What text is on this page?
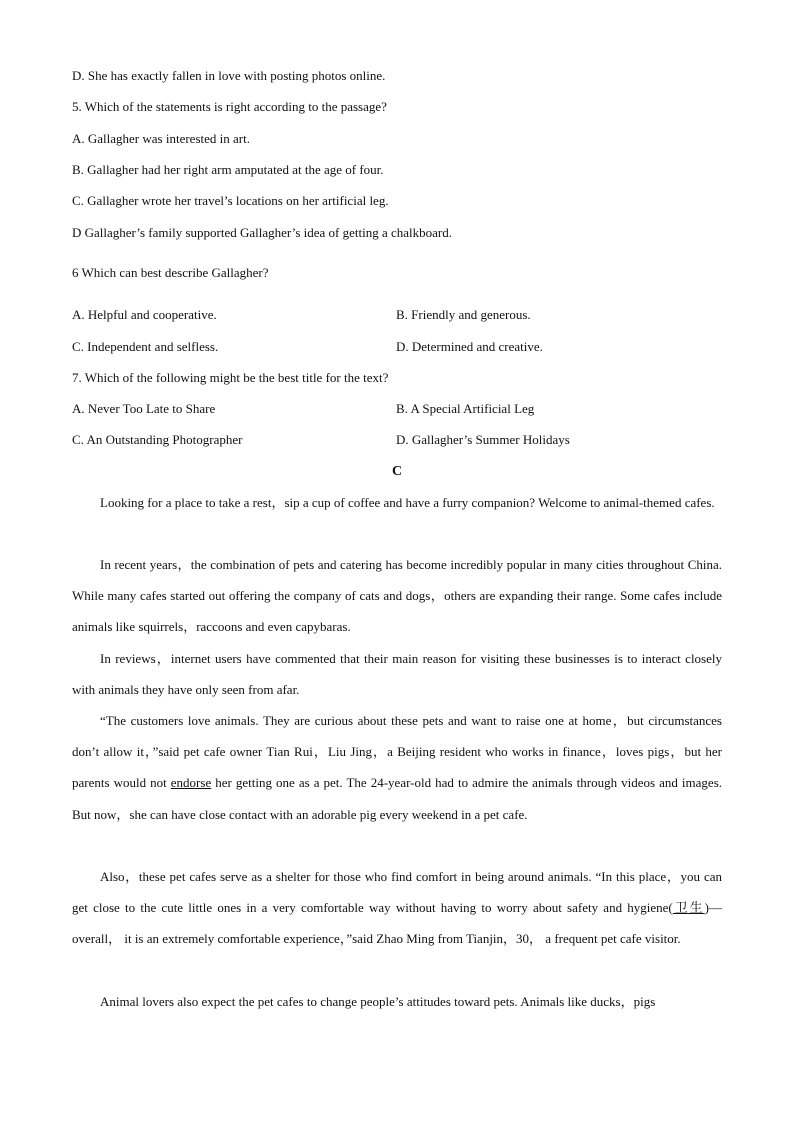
D. She has exactly fallen in love with posting photos online.

5. Which of the statements is right according to the passage?

A. Gallagher was interested in art.

B. Gallagher had her right arm amputated at the age of four.

C. Gallagher wrote her travel’s locations on her artificial leg.

D Gallagher’s family supported Gallagher’s idea of getting a chalkboard.

6 Which can best describe Gallagher?

A. Helpful and cooperative.	B. Friendly and generous.

C. Independent and selfless.	D. Determined and creative.

7. Which of the following might be the best title for the text?

A. Never Too Late to Share	B. A Special Artificial Leg

C. An Outstanding Photographer	D. Gallagher’s Summer Holidays

C

Looking for a place to take a rest，sip a cup of coffee and have a furry companion? Welcome to animal-themed cafes.

In recent years，the combination of pets and catering has become incredibly popular in many cities throughout China. While many cafes started out offering the company of cats and dogs，others are expanding their range. Some cafes include animals like squirrels，raccoons and even capybaras.

In reviews，internet users have commented that their main reason for visiting these businesses is to interact closely with animals they have only seen from afar.

“The customers love animals. They are curious about these pets and want to raise one at home，but circumstances don’t allow it，”said pet cafe owner Tian Rui，Liu Jing，a Beijing resident who works in finance，loves pigs，but her parents would not endorse her getting one as a pet. The 24-year-old had to admire the animals through videos and images. But now，she can have close contact with an adorable pig every weekend in a pet cafe.

Also，these pet cafes serve as a shelter for those who find comfort in being around animals. “In this place，you can get close to the cute little ones in a very comfortable way without having to worry about safety and hygiene(卫生)—overall， it is an extremely comfortable experience，”said Zhao Ming from Tianjin，30， a frequent pet cafe visitor.

Animal lovers also expect the pet cafes to change people’s attitudes toward pets. Animals like ducks，pigs
